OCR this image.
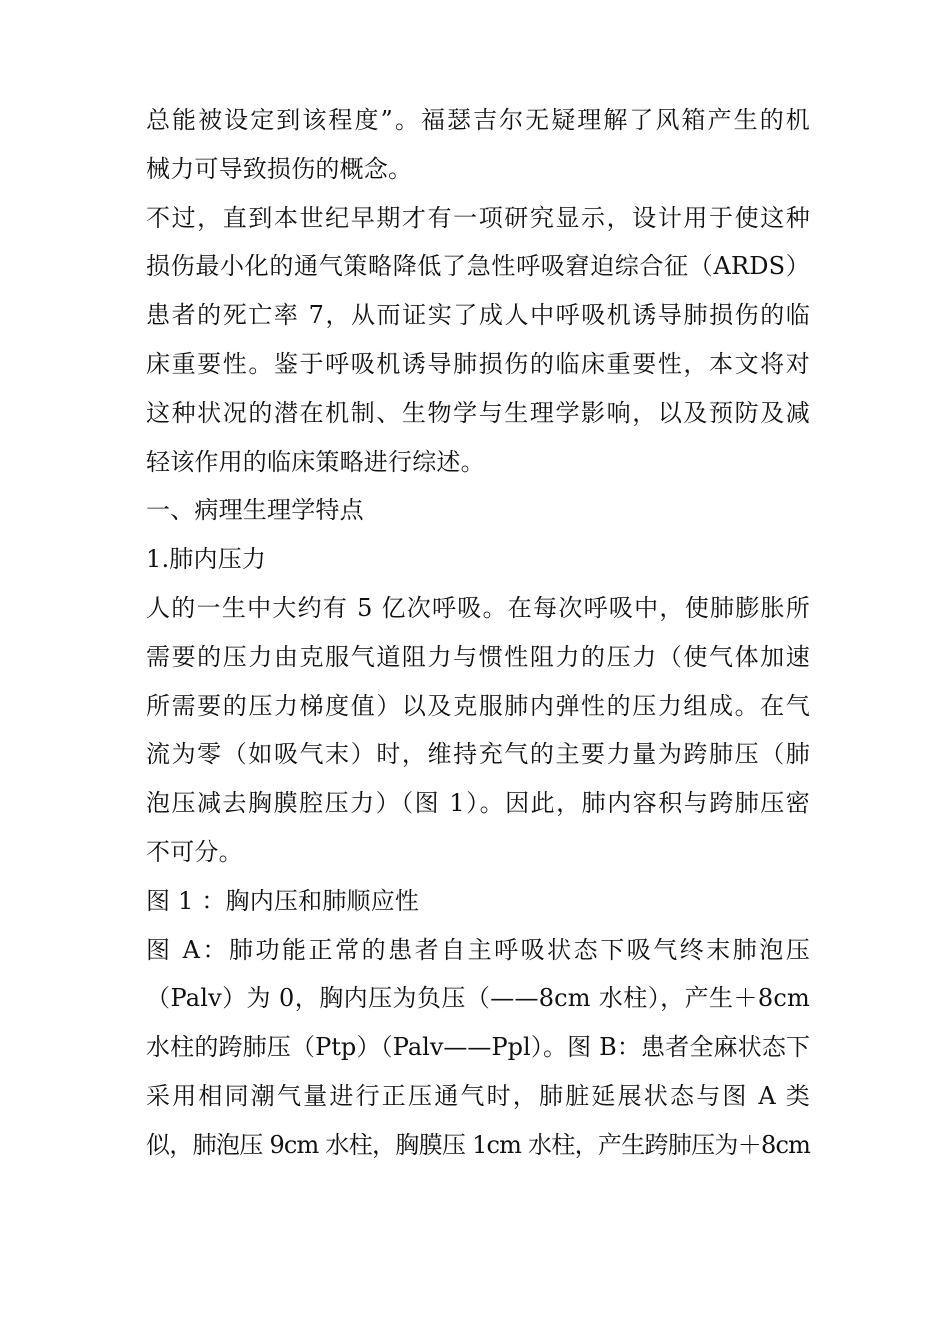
总能被设定到该程度”。福瑟吉尔无疑理解了风箱产生的机
械力可导致损伤的概念。
不过，直到本世纪早期才有一项研究显示，设计用于使这种
损伤最小化的通气策略降低了急性呼吸窘迫综合征（ARDS）
患者的死亡率 7，从而证实了成人中呼吸机诱导肺损伤的临
床重要性。鉴于呼吸机诱导肺损伤的临床重要性，本文将对
这种状况的潜在机制、生物学与生理学影响，以及预防及减
轻该作用的临床策略进行综述。
一、病理生理学特点
1.肺内压力
人的一生中大约有 5 亿次呼吸。在每次呼吸中，使肺膨胀所
需要的压力由克服气道阻力与惯性阻力的压力（使气体加速
所需要的压力梯度值）以及克服肺内弹性的压力组成。在气
流为零（如吸气末）时，维持充气的主要力量为跨肺压（肺
泡压减去胸膜腔压力）（图 1）。因此，肺内容积与跨肺压密
不可分。
图 1 ：胸内压和肺顺应性
图 A：肺功能正常的患者自主呼吸状态下吸气终末肺泡压
（Palv）为 0，胸内压为负压（——8cm 水柱），产生＋8cm
水柱的跨肺压（Ptp）（Palv——Ppl）。图 B：患者全麻状态下
采用相同潮气量进行正压通气时，肺脏延展状态与图 A 类
似，肺泡压 9cm 水柱，胸膜压 1cm 水柱，产生跨肺压为＋8cm
